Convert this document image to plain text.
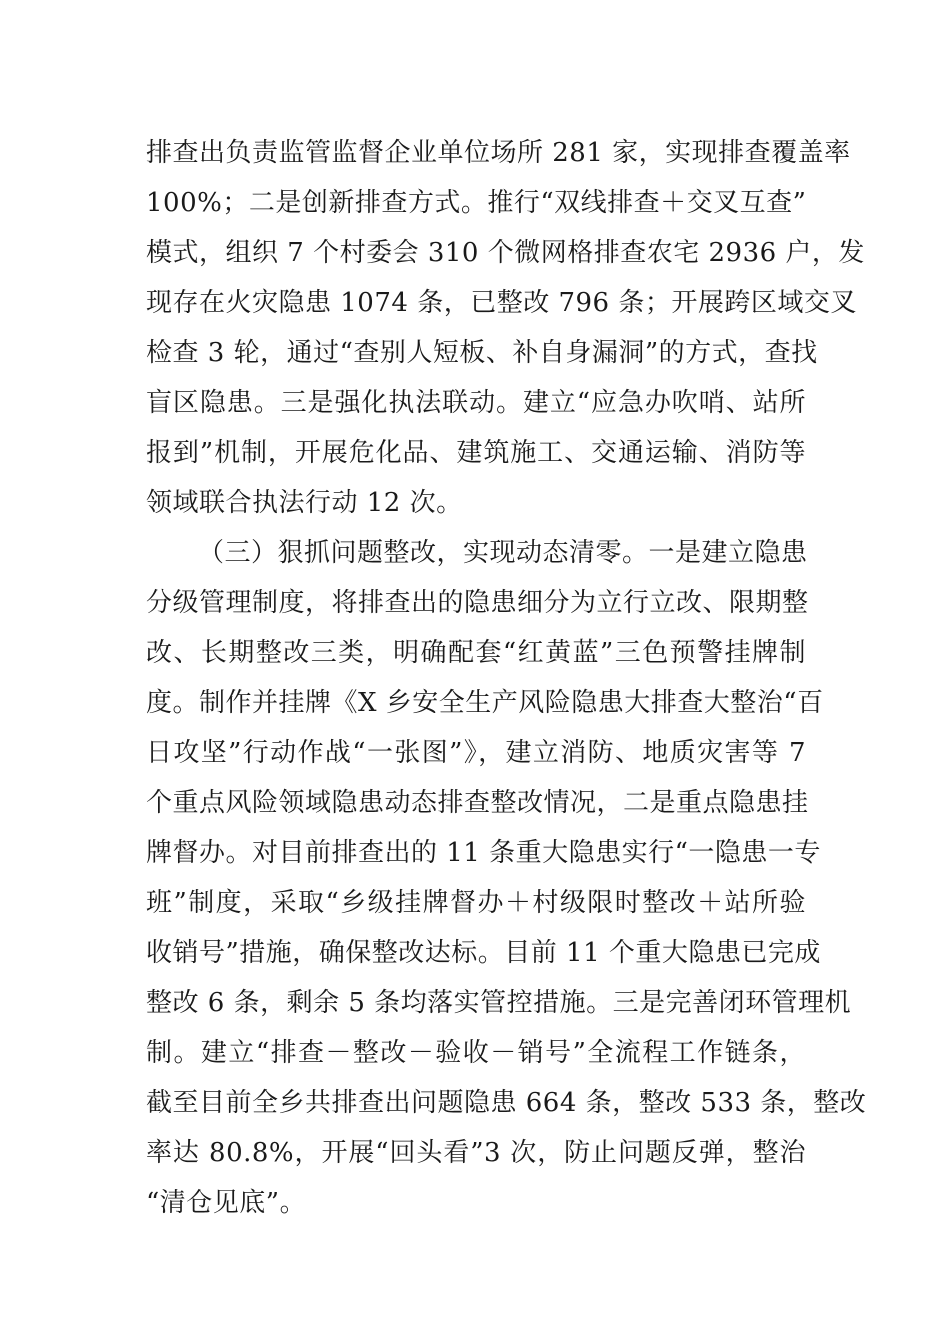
排查出负责监管监督企业单位场所 281 家，实现排查覆盖率
100%；二是创新排查方式。推行“双线排查＋交叉互查”
模式，组织 7 个村委会 310 个微网格排查农宅 2936 户，发
现存在火灾隐患 1074 条，已整改 796 条；开展跨区域交叉
检查 3 轮，通过“查别人短板、补自身漏洞”的方式，查找
盲区隐患。三是强化执法联动。建立“应急办吹哨、站所
报到”机制，开展危化品、建筑施工、交通运输、消防等
领域联合执法行动 12 次。
（三）狠抓问题整改，实现动态清零。一是建立隐患
分级管理制度，将排查出的隐患细分为立行立改、限期整
改、长期整改三类，明确配套“红黄蓝”三色预警挂牌制
度。制作并挂牌《X 乡安全生产风险隐患大排查大整治“百
日攻坚”行动作战“一张图”》，建立消防、地质灾害等 7
个重点风险领域隐患动态排查整改情况，二是重点隐患挂
牌督办。对目前排查出的 11 条重大隐患实行“一隐患一专
班”制度，采取“乡级挂牌督办＋村级限时整改＋站所验
收销号”措施，确保整改达标。目前 11 个重大隐患已完成
整改 6 条，剩余 5 条均落实管控措施。三是完善闭环管理机
制。建立“排查－整改－验收－销号”全流程工作链条，
截至目前全乡共排查出问题隐患 664 条，整改 533 条，整改
率达 80.8%，开展“回头看”3 次，防止问题反弹，整治
“清仓见底”。
